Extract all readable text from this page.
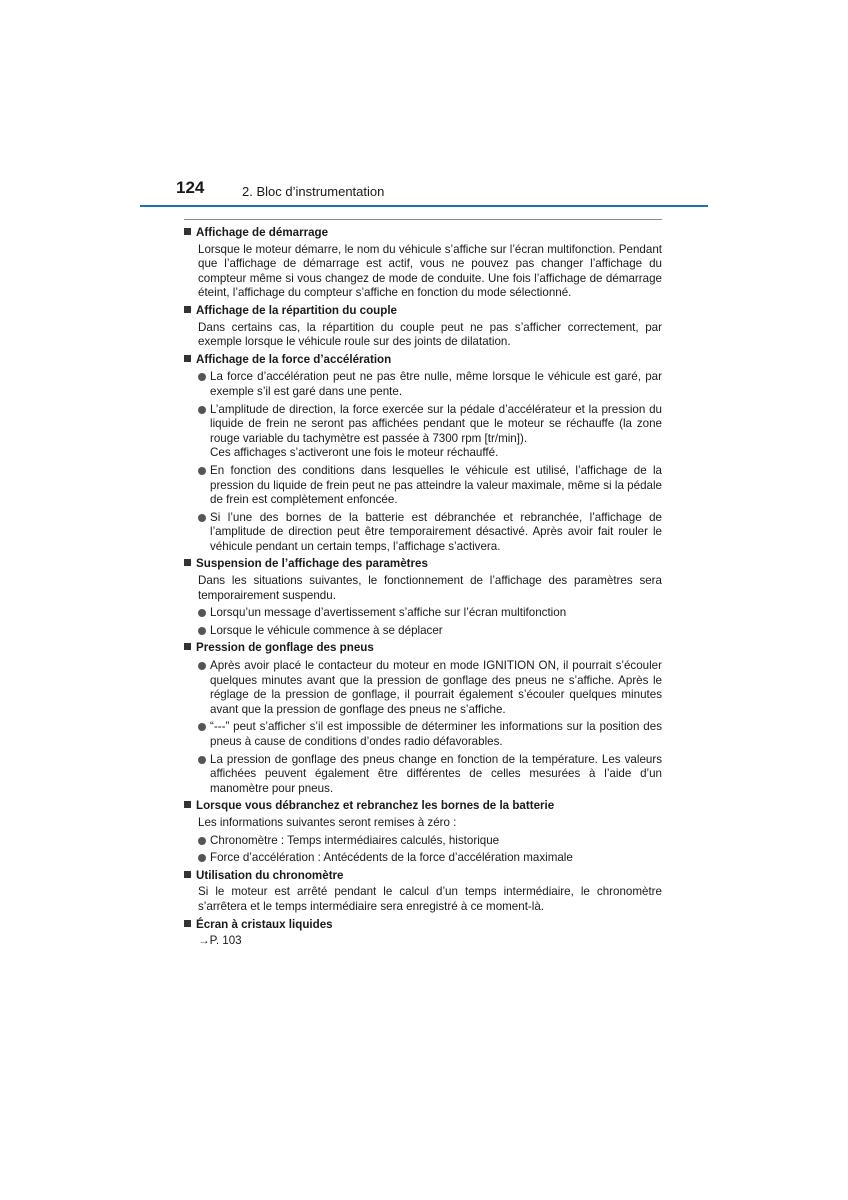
124	2. Bloc d’instrumentation
Affichage de démarrage
Lorsque le moteur démarre, le nom du véhicule s’affiche sur l’écran multifonction. Pendant que l’affichage de démarrage est actif, vous ne pouvez pas changer l’affichage du compteur même si vous changez de mode de conduite. Une fois l’affichage de démarrage éteint, l’affichage du compteur s’affiche en fonction du mode sélectionné.
Affichage de la répartition du couple
Dans certains cas, la répartition du couple peut ne pas s’afficher correctement, par exemple lorsque le véhicule roule sur des joints de dilatation.
Affichage de la force d’accélération
La force d’accélération peut ne pas être nulle, même lorsque le véhicule est garé, par exemple s’il est garé dans une pente.
L’amplitude de direction, la force exercée sur la pédale d’accélérateur et la pression du liquide de frein ne seront pas affichées pendant que le moteur se réchauffe (la zone rouge variable du tachymètre est passée à 7300 rpm [tr/min]).
Ces affichages s’activeront une fois le moteur réchauffé.
En fonction des conditions dans lesquelles le véhicule est utilisé, l’affichage de la pression du liquide de frein peut ne pas atteindre la valeur maximale, même si la pédale de frein est complètement enfoncée.
Si l’une des bornes de la batterie est débranchée et rebranchée, l’affichage de l’amplitude de direction peut être temporairement désactivé. Après avoir fait rouler le véhicule pendant un certain temps, l’affichage s’activera.
Suspension de l’affichage des paramètres
Dans les situations suivantes, le fonctionnement de l’affichage des paramètres sera temporairement suspendu.
Lorsqu’un message d’avertissement s’affiche sur l’écran multifonction
Lorsque le véhicule commence à se déplacer
Pression de gonflage des pneus
Après avoir placé le contacteur du moteur en mode IGNITION ON, il pourrait s’écouler quelques minutes avant que la pression de gonflage des pneus ne s’affiche. Après le réglage de la pression de gonflage, il pourrait également s’écouler quelques minutes avant que la pression de gonflage des pneus ne s’affiche.
“---” peut s’afficher s’il est impossible de déterminer les informations sur la position des pneus à cause de conditions d’ondes radio défavorables.
La pression de gonflage des pneus change en fonction de la température. Les valeurs affichées peuvent également être différentes de celles mesurées à l’aide d’un manomètre pour pneus.
Lorsque vous débranchez et rebranchez les bornes de la batterie
Les informations suivantes seront remises à zéro :
Chronomètre : Temps intermédiaires calculés, historique
Force d’accélération : Antécédents de la force d’accélération maximale
Utilisation du chronomètre
Si le moteur est arrêté pendant le calcul d’un temps intermédiaire, le chronomètre s’arrêtera et le temps intermédiaire sera enregistré à ce moment-là.
Écran à cristaux liquides
→P. 103
